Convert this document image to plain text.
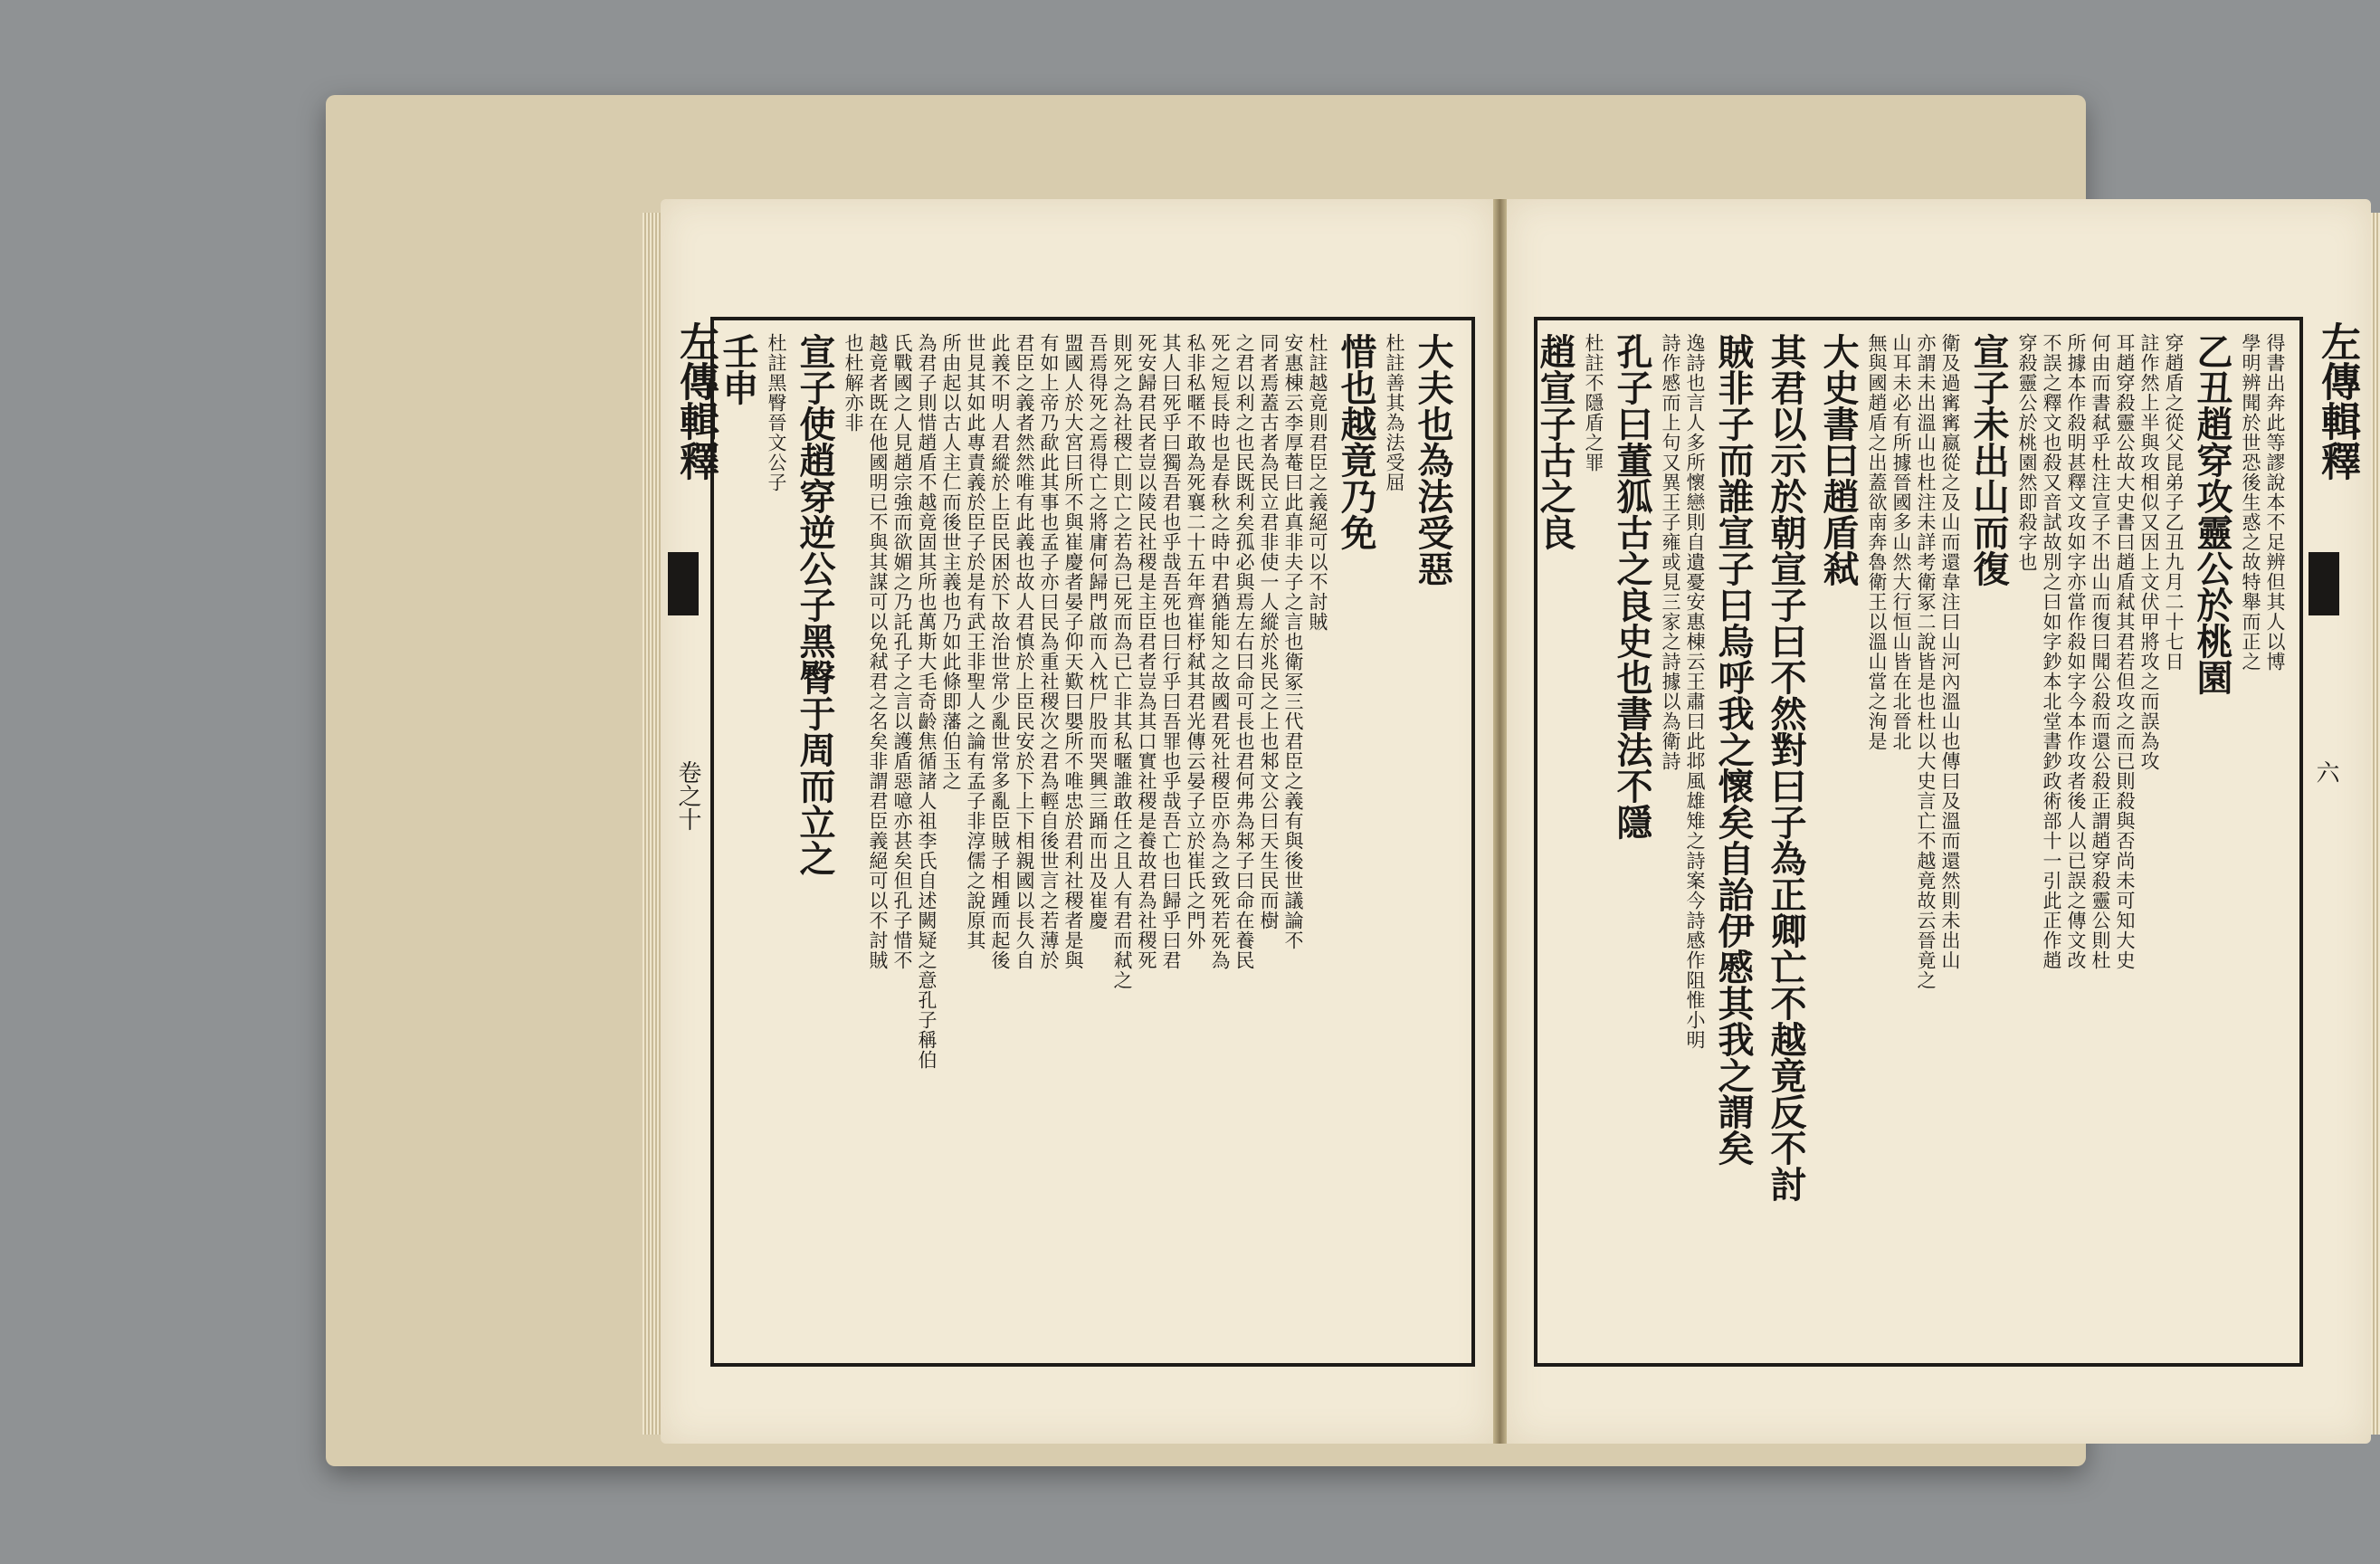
左傳輯釋
卷之十
大夫也為法受惡
杜註善其為法受屈
惜也越竟乃免
杜註越竟則君臣之義絕可以不討賊
安惠棟云李厚菴曰此真非夫子之言也衛冢三代君臣之義有與後世議論不
同者焉蓋古者為民立君非使一人縱於兆民之上也邾文公曰天生民而樹
之君以利之也民既利矣孤必與焉左右曰命可長也君何弗為邾子曰命在養民
死之短長時也是春秋之時中君猶能知之故國君死社稷臣亦為之致死若死為
私非私暱不敢為死襄二十五年齊崔杼弒其君光傳云晏子立於崔氏之門外
其人曰死乎曰獨吾君也乎哉吾死也曰行乎曰吾罪也乎哉吾亡也曰歸乎曰君
死安歸君民者豈以陵民社稷是主臣君者豈為其口實社稷是養故君為社稷死
則死之為社稷亡則亡之若為已死而為已亡非其私暱誰敢任之且人有君而弒之
吾焉得死之焉得亡之將庸何歸門啟而入枕尸股而哭興三踊而出及崔慶
盟國人於大宮曰所不與崔慶者晏子仰天歎曰嬰所不唯忠於君利社稷者是與
有如上帝乃歃此其事也孟子亦曰民為重社稷次之君為輕自後世言之若薄於
君臣之義者然然唯有此義也故人君慎於上臣民安於下上下相親國以長久自
此義不明人君縱於上臣民困於下故治世常少亂世常多亂臣賊子相踵而起後
世見其如此專責義於臣子於是有武王非聖人之論有孟子非淳儒之說原其
所由起以古人主仁而後世主義也乃如此條即藩伯玉之
為君子則惜趙盾不越竟固其所也萬斯大毛奇齡焦循諸人祖李氏自述闕疑之意孔子稱伯
氏戰國之人見趙宗強而欲媚之乃託孔子之言以護盾惡噫亦甚矣但孔子惜不
越竟者既在他國明已不與其謀可以免弒君之名矣非謂君臣義絕可以不討賊
也杜解亦非
宣子使趙穿逆公子黑臀于周而立之
杜註黑臀晉文公子
壬申	左傳輯釋
六
得書出奔此等謬說本不足辨但其人以博
學明辨聞於世恐後生惑之故特舉而正之
乙丑趙穿攻靈公於桃園
穿趙盾之從父昆弟子乙丑九月二十七日
註作然上半與攻相似又因上文伏甲將攻之而誤為攻
耳趙穿殺靈公故大史書曰趙盾弒其君若但攻之而已則殺與否尚未可知大史
何由而書弒乎杜注宣子不出山而復曰聞公殺而還公殺正謂趙穿殺靈公則杜
所據本作殺明甚釋文攻如字亦當作殺如字今本作攻者後人以已誤之傳文改
不誤之釋文也殺又音試故別之曰如字鈔本北堂書鈔政術部十一引此正作趙
穿殺靈公於桃園然即殺字也
宣子未出山而復
衛及過寗寗嬴從之及山而還韋注曰山河內溫山也傳曰及溫而還然則未出山
亦謂未出溫山也杜注未詳考衛冢二說皆是也杜以大史言亡不越竟故云晉竟之
山耳未必有所據晉國多山然大行恒山皆在北晉北
無與國趙盾之出蓋欲南奔魯衛王以溫山當之洵是
大史書曰趙盾弒
其君以示於朝宣子曰不然對曰子為正卿亡不越竟反不討
賊非子而誰宣子曰烏呼我之懷矣自詒伊慼其我之謂矣
逸詩也言人多所懷戀則自遺憂安惠棟云王肅曰此邶風雄雉之詩案今詩感作阻惟小明
詩作慼而上句又異王子雍或見三家之詩據以為衛詩
孔子曰董狐古之良史也書法不隱
杜註不隱盾之罪
趙宣子古之良
